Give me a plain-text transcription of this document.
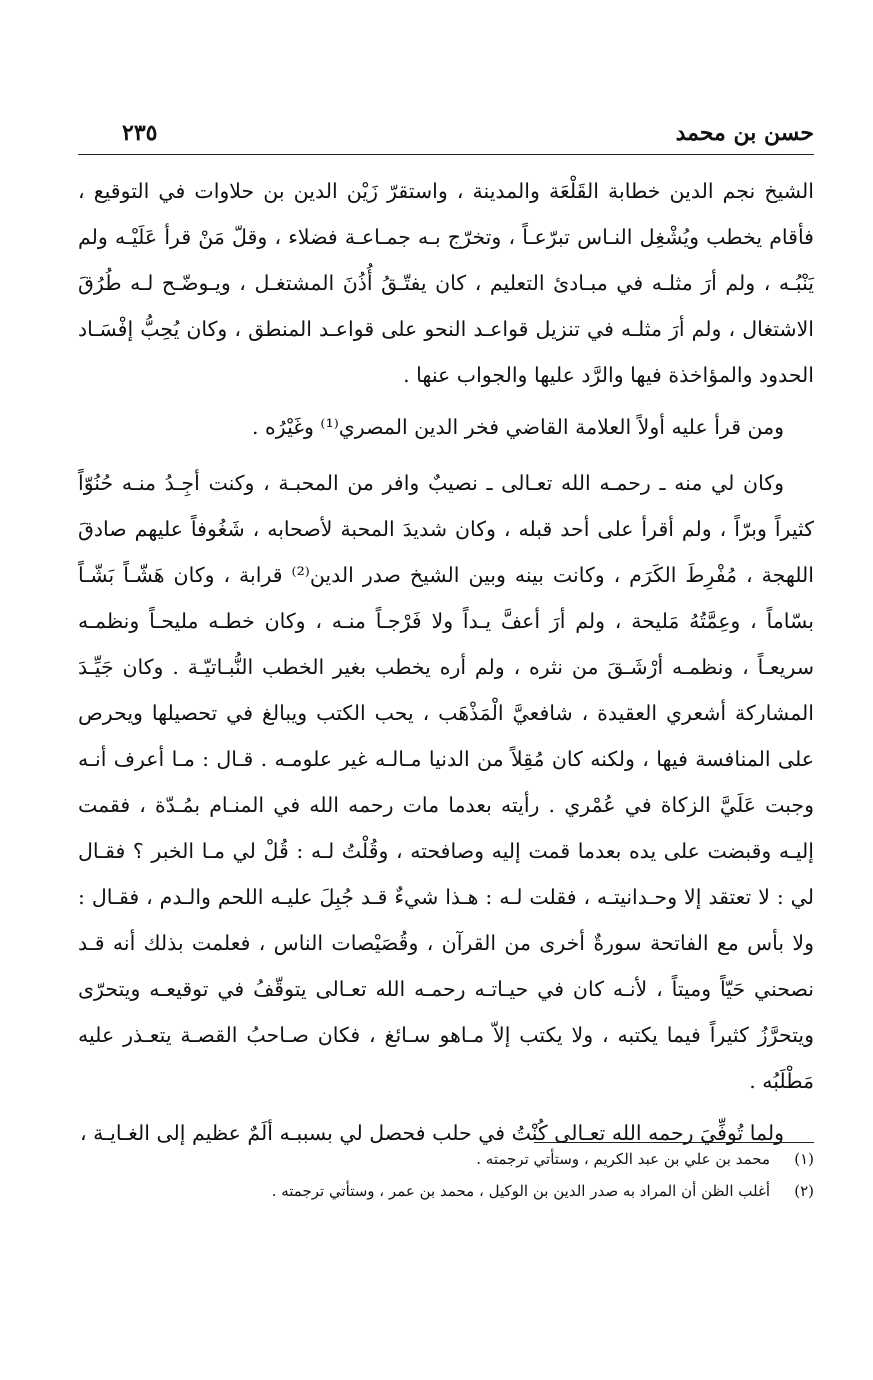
حسن بن محمد
٢٣٥

الشيخ نجم الدين خطابة القَلْعَة والمدينة ، واستقرّ زَيْن الدين بن حلاوات في التوقيع ، فأقام يخطب ويُشْغِل النـاس تبرّعـاً ، وتخرّج بـه جمـاعـة فضلاء ، وقلّ مَنْ قرأ عَلَيْـه ولم يَنْبُـه ، ولم أرَ مثلـه في مبـادئ التعليم ، كان يفتّـقُ أُذُنَ المشتغـل ، ويـوضّـح لـه طُرُقَ الاشتغال ، ولم أرَ مثلـه في تنزيل قواعـد النحو على قواعـد المنطق ، وكان يُحِبُّ إفْسَـاد الحدود والمؤاخذة فيها والرَّد عليها والجواب عنها .

ومن قرأ عليه أولاً العلامة القاضي فخر الدين المصري⁽¹⁾ وغَيْرُه .

وكان لي منه ـ رحمـه الله تعـالى ـ نصيبٌ وافر من المحبـة ، وكنت أجِـدُ منـه حُنُوّاً كثيراً وبرّاً ، ولم أقرأ على أحد قبله ، وكان شديدَ المحبة لأصحابه ، شَغُوفاً عليهم صادقَ اللهجة ، مُفْرِطَ الكَرَم ، وكانت بينه وبين الشيخ صدر الدين⁽²⁾ قرابة ، وكان هَشّـاً بَشّـاً بسّاماً ، وعِمَّتُهُ مَليحة ، ولم أرَ أعفَّ يـداً ولا فَرْجـاً منـه ، وكان خطـه مليحـاً ونظمـه سريعـاً ، ونظمـه أرْشَـقَ من نثره ، ولم أره يخطب بغير الخطب النُّبـاتيّـة . وكان جَيِّـدَ المشاركة أشعري العقيدة ، شافعيَّ الْمَذْهَب ، يحب الكتب ويبالغ في تحصيلها ويحرص على المنافسة فيها ، ولكنه كان مُقِلاً من الدنيا مـالـه غير علومـه . قـال : مـا أعرف أنـه وجبت عَلَيَّ الزكاة في عُمْري . رأيته بعدما مات رحمه الله في المنـام بمُـدّة ، فقمت إليـه وقبضت على يده بعدما قمت إليه وصافحته ، وقُلْتُ لـه : قُلْ لي مـا الخبر ؟ فقـال لي : لا تعتقد إلا وحـدانيتـه ، فقلت لـه : هـذا شيءٌ قـد جُبِلَ عليـه اللحم والـدم ، فقـال : ولا بأس مع الفاتحة سورةٌ أخرى من القرآن ، وقُصَيْصات الناس ، فعلمت بذلك أنه قـد نصحني حَيّاً وميتاً ، لأنـه كان في حيـاتـه رحمـه الله تعـالى يتوقّفُ في توقيعـه ويتحرّى ويتحرَّزُ كثيراً فيما يكتبه ، ولا يكتب إلاّ مـاهو سـائغ ، فكان صـاحبُ القصـة يتعـذر عليه مَطْلَبُه .

ولما تُوفِّيَ رحمه الله تعـالى كُنْتُ في حلب فحصل لي بسببـه ألَمٌ عظيم إلى الغـايـة ،

(١)
محمد بن علي بن عبد الكريم ، وستأتي ترجمته .
(٢)
أغلب الظن أن المراد به صدر الدين بن الوكيل ، محمد بن عمر ، وستأتي ترجمته .
